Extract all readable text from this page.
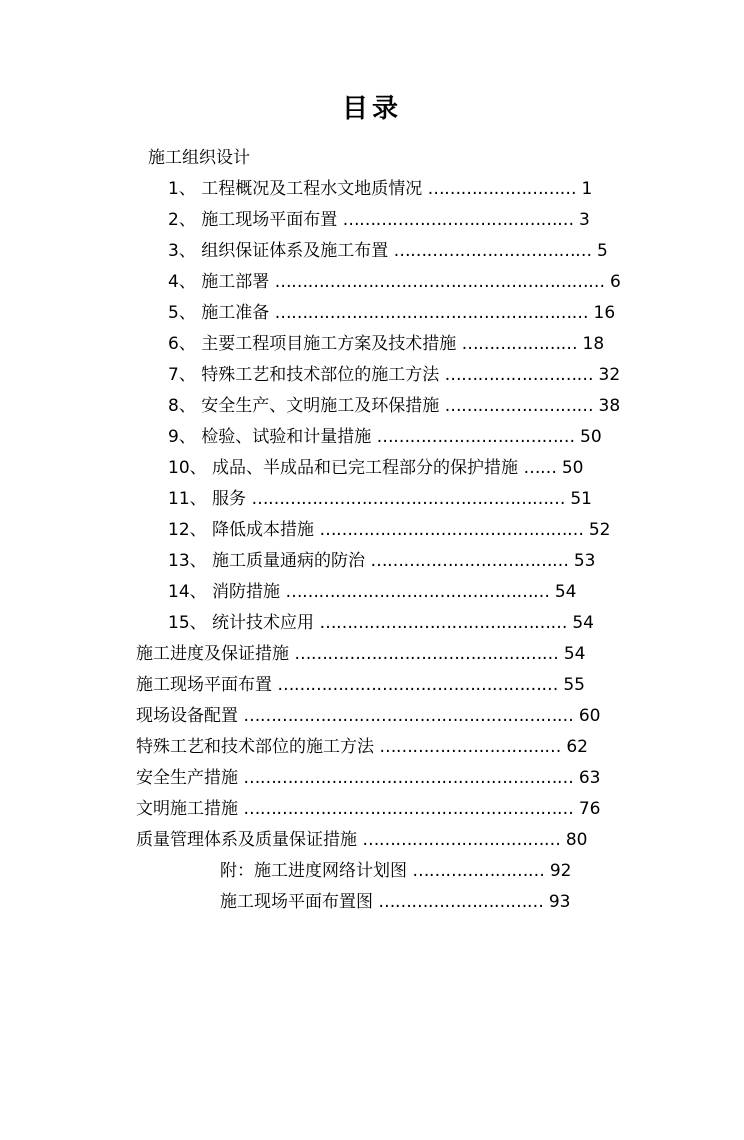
目录
施工组织设计
1、 工程概况及工程水文地质情况 ……………………… 1
2、 施工现场平面布置 …………………………………… 3
3、 组织保证体系及施工布置 ……………………………… 5
4、 施工部署 …………………………………………………… 6
5、 施工准备 ………………………………………………… 16
6、 主要工程项目施工方案及技术措施 ………………… 18
7、 特殊工艺和技术部位的施工方法 ……………………… 32
8、 安全生产、文明施工及环保措施 ……………………… 38
9、 检验、试验和计量措施 ……………………………… 50
10、 成品、半成品和已完工程部分的保护措施 …… 50
11、 服务 ………………………………………………… 51
12、 降低成本措施 ………………………………………… 52
13、 施工质量通病的防治 ……………………………… 53
14、 消防措施 ………………………………………… 54
15、 统计技术应用 ……………………………………… 54
施工进度及保证措施 ………………………………………… 54
施工现场平面布置 …………………………………………… 55
现场设备配置 …………………………………………………… 60
特殊工艺和技术部位的施工方法 …………………………… 62
安全生产措施 …………………………………………………… 63
文明施工措施 …………………………………………………… 76
质量管理体系及质量保证措施 ……………………………… 80
附：施工进度网络计划图 …………………… 92
施工现场平面布置图 ………………………… 93
